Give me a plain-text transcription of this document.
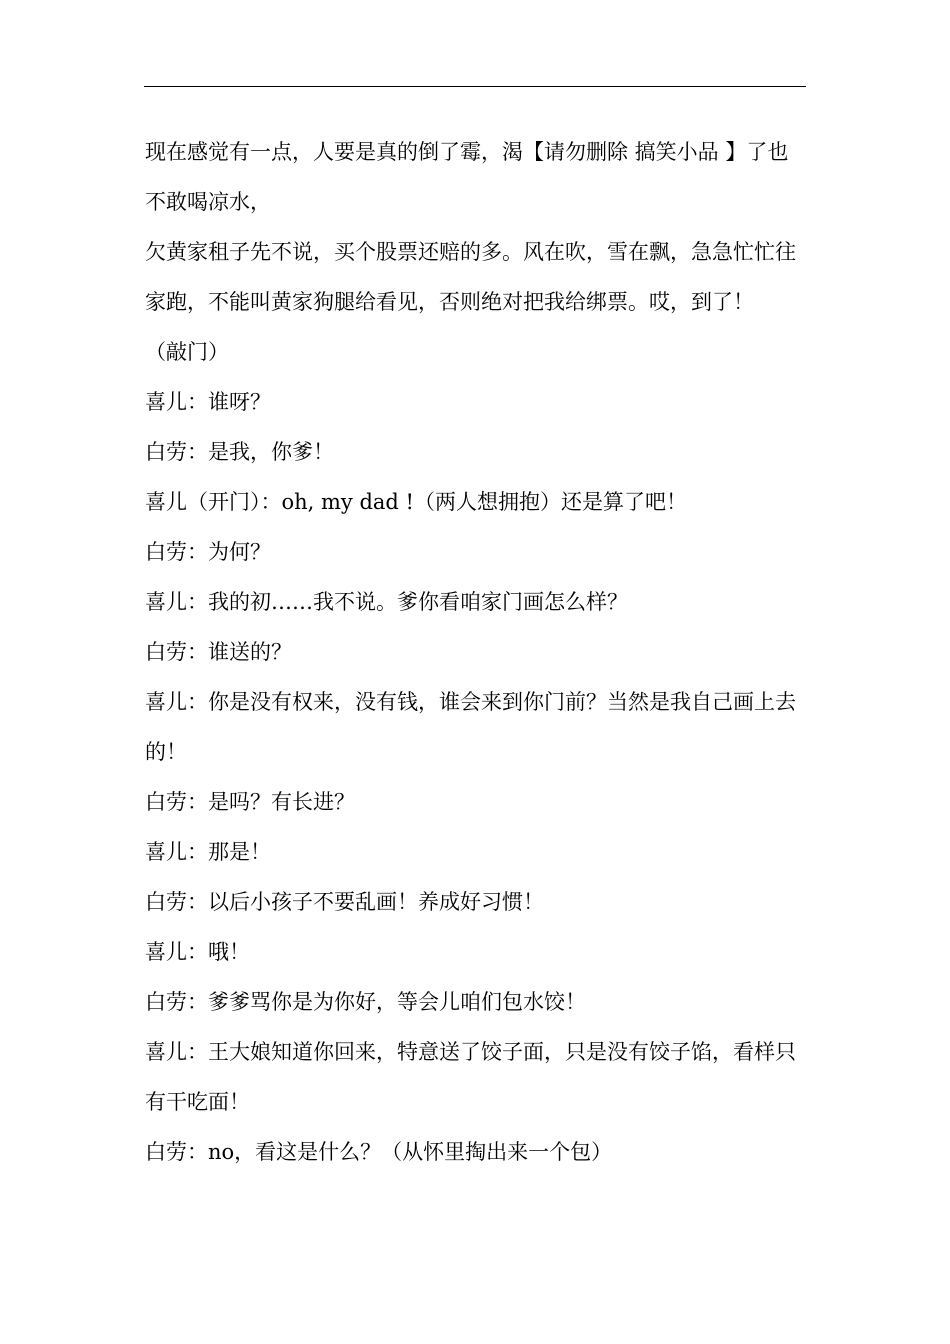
现在感觉有一点，人要是真的倒了霉，渴【请勿删除 搞笑小品 】了也不敢喝凉水，

欠黄家租子先不说，买个股票还赔的多。风在吹，雪在飘，急急忙忙往家跑，不能叫黄家狗腿给看见，否则绝对把我给绑票。哎，到了！

（敲门）

喜儿：谁呀？

白劳：是我，你爹！

喜儿（开门）：oh, my dad !（两人想拥抱）还是算了吧！

白劳：为何？

喜儿：我的初……我不说。爹你看咱家门画怎么样？

白劳：谁送的？

喜儿：你是没有权来，没有钱，谁会来到你门前？当然是我自己画上去的！

白劳：是吗？有长进？

喜儿：那是！

白劳：以后小孩子不要乱画！养成好习惯！

喜儿：哦！

白劳：爹爹骂你是为你好，等会儿咱们包水饺！

喜儿：王大娘知道你回来，特意送了饺子面，只是没有饺子馅，看样只有干吃面！

白劳：no，看这是什么？（从怀里掏出来一个包）
